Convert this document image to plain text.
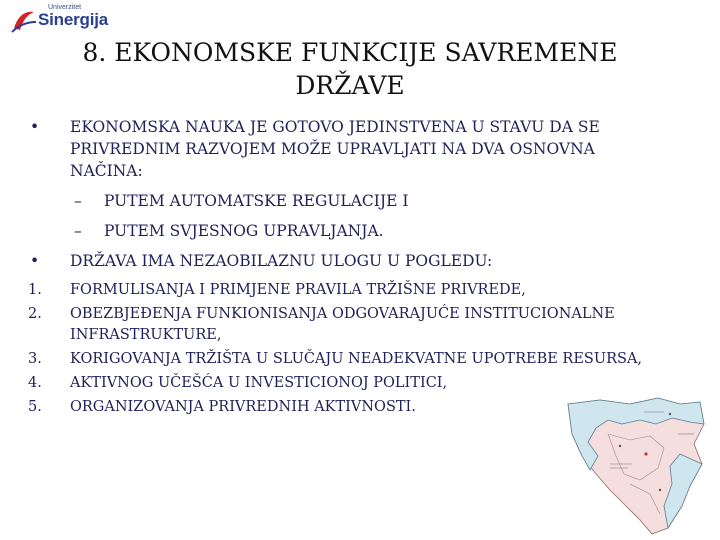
Univerzitet
Sinergija
8. EKONOMSKE FUNKCIJE SAVREMENE DRŽAVE
• EKONOMSKA NAUKA JE GOTOVO JEDINSTVENA U STAVU DA SE PRIVREDNIM RAZVOJEM MOŽE UPRAVLJATI NA DVA OSNOVNA NAČINA:
– PUTEM AUTOMATSKE REGULACIJE I
– PUTEM SVJESNOG UPRAVLJANJA.
• DRŽAVA IMA NEZAOBILAZNU ULOGU U POGLEDU:
1. FORMULISANJA I PRIMJENE PRAVILA TRŽIŠNE PRIVREDE,
2. OBEZBJEĐENJA FUNKIONISANJA ODGOVARAJUĆE INSTITUCIONALNE INFRASTRUKTURE,
3. KORIGOVANJA TRŽIŠTA U SLUČAJU NEADEKVATNE UPOTREBE RESURSA,
4. AKTIVNOG UČEŠĆA U INVESTICIONOJ POLITICI,
5. ORGANIZOVANJA PRIVREDNIH AKTIVNOSTI.
